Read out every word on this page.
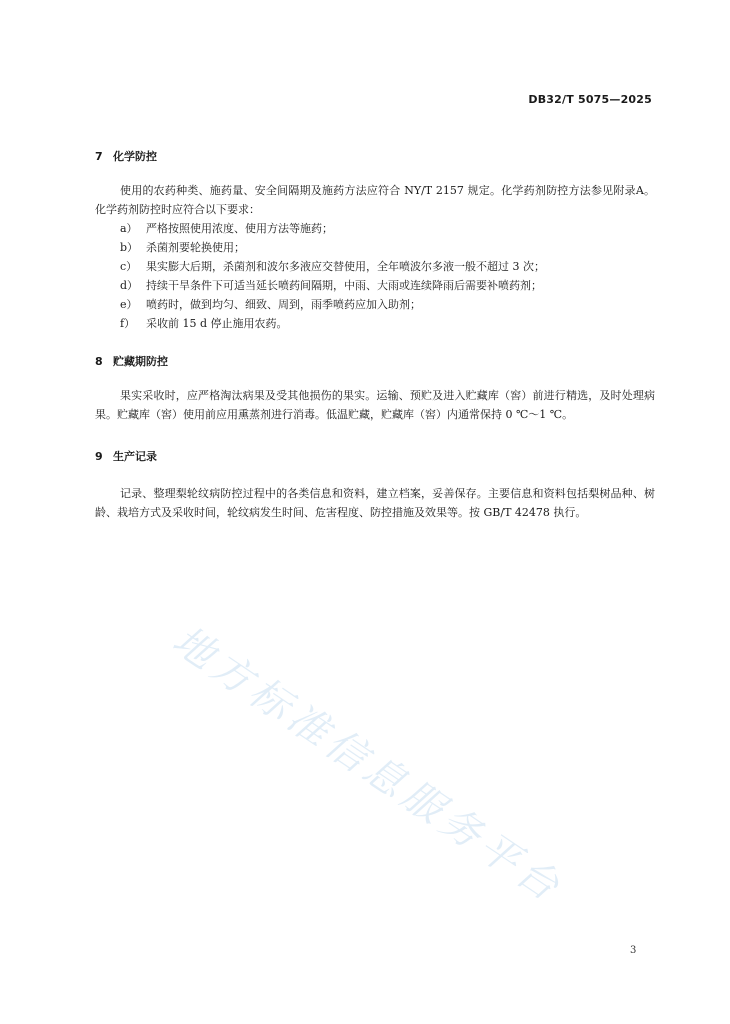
DB32/T 5075—2025
7 化学防控
使用的农药种类、施药量、安全间隔期及施药方法应符合 NY/T 2157 规定。化学药剂防控方法参见附录A。化学药剂防控时应符合以下要求：
a） 严格按照使用浓度、使用方法等施药；
b） 杀菌剂要轮换使用；
c） 果实膨大后期，杀菌剂和波尔多液应交替使用，全年喷波尔多液一般不超过 3 次；
d） 持续干旱条件下可适当延长喷药间隔期，中雨、大雨或连续降雨后需要补喷药剂；
e） 喷药时，做到均匀、细致、周到，雨季喷药应加入助剂；
f） 采收前 15 d 停止施用农药。
8 贮藏期防控
果实采收时，应严格淘汰病果及受其他损伤的果实。运输、预贮及进入贮藏库（窖）前进行精选，及时处理病果。贮藏库（窖）使用前应用熏蒸剂进行消毒。低温贮藏，贮藏库（窖）内通常保持 0 ℃～1 ℃。
9 生产记录
记录、整理梨轮纹病防控过程中的各类信息和资料，建立档案，妥善保存。主要信息和资料包括梨树品种、树龄、栽培方式及采收时间，轮纹病发生时间、危害程度、防控措施及效果等。按 GB/T 42478 执行。
地方标准信息服务平台
3
